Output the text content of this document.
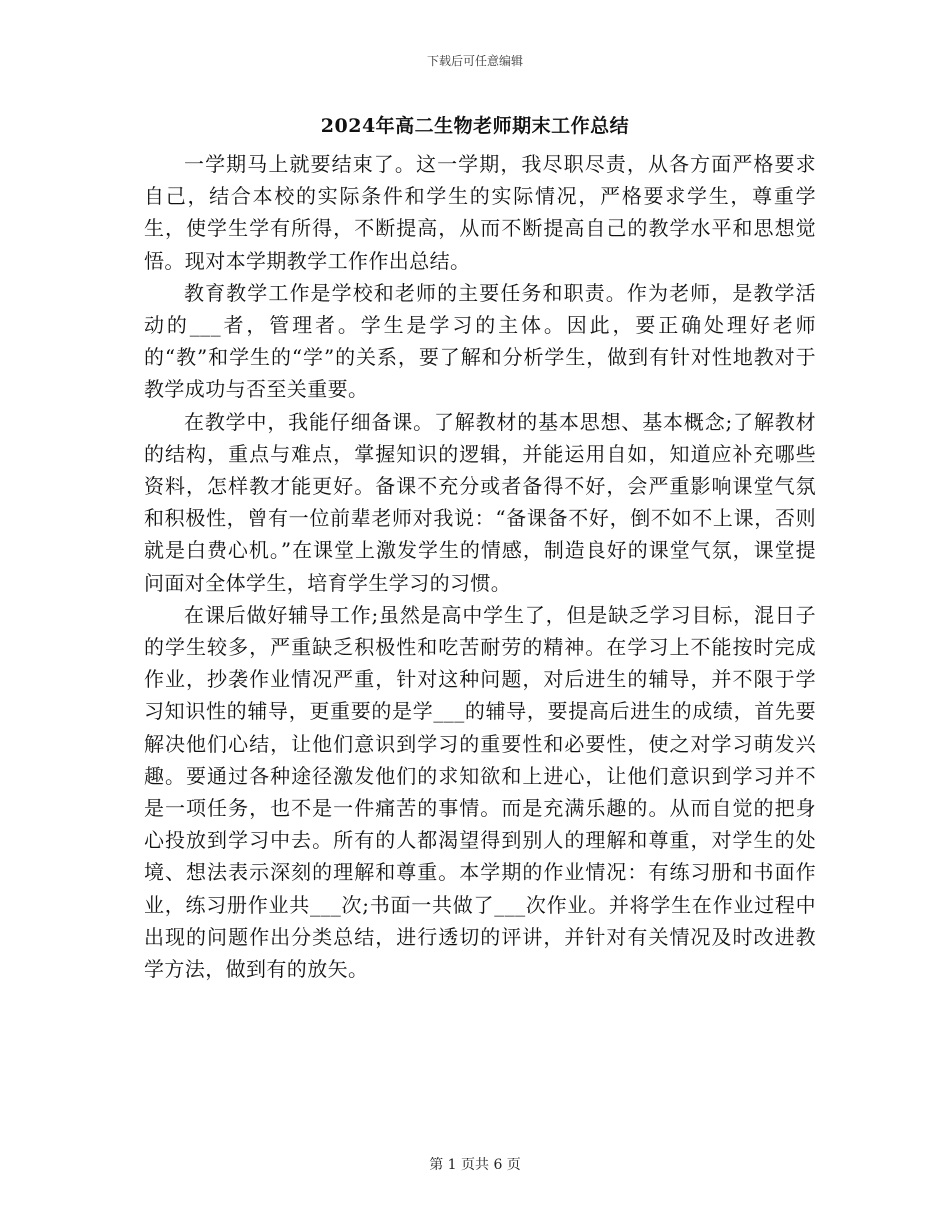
下载后可任意编辑
2024年高二生物老师期末工作总结

一学期马上就要结束了。这一学期，我尽职尽责，从各方面严格要求自己，结合本校的实际条件和学生的实际情况，严格要求学生，尊重学生，使学生学有所得，不断提高，从而不断提高自己的教学水平和思想觉悟。现对本学期教学工作作出总结。

教育教学工作是学校和老师的主要任务和职责。作为老师，是教学活动的___者，管理者。学生是学习的主体。因此，要正确处理好老师的“教”和学生的“学”的关系，要了解和分析学生，做到有针对性地教对于教学成功与否至关重要。

在教学中，我能仔细备课。了解教材的基本思想、基本概念;了解教材的结构，重点与难点，掌握知识的逻辑，并能运用自如，知道应补充哪些资料，怎样教才能更好。备课不充分或者备得不好，会严重影响课堂气氛和积极性，曾有一位前辈老师对我说：“备课备不好，倒不如不上课，否则就是白费心机。”在课堂上激发学生的情感，制造良好的课堂气氛，课堂提问面对全体学生，培育学生学习的习惯。

在课后做好辅导工作;虽然是高中学生了，但是缺乏学习目标，混日子的学生较多，严重缺乏积极性和吃苦耐劳的精神。在学习上不能按时完成作业，抄袭作业情况严重，针对这种问题，对后进生的辅导，并不限于学习知识性的辅导，更重要的是学___的辅导，要提高后进生的成绩，首先要解决他们心结，让他们意识到学习的重要性和必要性，使之对学习萌发兴趣。要通过各种途径激发他们的求知欲和上进心，让他们意识到学习并不是一项任务，也不是一件痛苦的事情。而是充满乐趣的。从而自觉的把身心投放到学习中去。所有的人都渴望得到别人的理解和尊重，对学生的处境、想法表示深刻的理解和尊重。本学期的作业情况：有练习册和书面作业，练习册作业共___次;书面一共做了___次作业。并将学生在作业过程中出现的问题作出分类总结，进行透切的评讲，并针对有关情况及时改进教学方法，做到有的放矢。

第 1 页共 6 页
